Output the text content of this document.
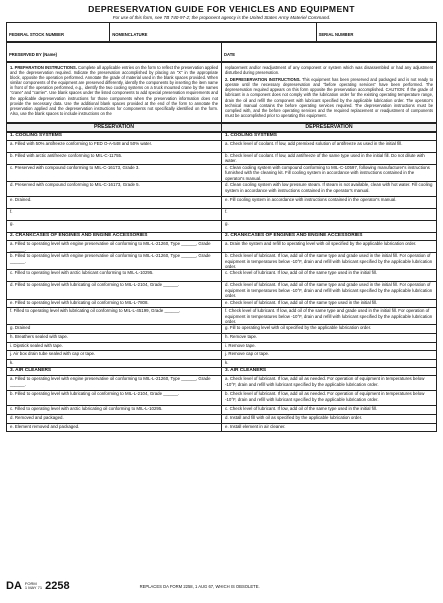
DEPRESERVATION GUIDE FOR VEHICLES AND EQUIPMENT
For use of this form, see TB 740-97-2; the proponent agency is the United States Army Materiel Command.
FEDERAL STOCK NUMBER	NOMENCLATURE	SERIAL NUMBER
PRESERVED BY (Name)	DATE

1. PREPARATION INSTRUCTIONS. Complete all applicable entries on the form to reflect the preservation applied and the depreservation required. Indicate the preservation accomplished by placing an "X" in the appropriate block, opposite the operation performed. Annotate the grade of material used in the blank spaces provided. When similar components of the equipment are preserved differently, identify the components by inserting the item name in front of the operation performed, e.g., identify the two cooling systems on a truck mounted crane by the names "crane" and "carrier". Use blank spaces under the listed components to add special preservation requirements and the applicable depreservation instructions for those components when the preservation information does not provide the necessary data. Use the additional blank spaces provided at the end of the form to annotate the preservation applied and the depreservation instructions for components not specifically identified on the form. Also, use the blank spaces to include instructions on the

replacement and/or readjustment of any component or system which was disassembled or had any adjustment disturbed during preservation.

2. DEPRESERVATION INSTRUCTIONS. This equipment has been preserved and packaged and is not ready to operate until the necessary depreservation and "before operating services" have been performed. The depreservation required appears on this form opposite the preservation accomplished. CAUTION: If the grade of lubricant in a component does not comply with the lubrication order for the existing operating temperature range, drain the oil and refill the component with lubricant specified by the applicable lubrication order. The operator's technical manual contains the before operating services required. The depreservation instructions must be complied with, and the before operating services and the required replacement or readjustment of components must be accomplished prior to operating this equipment.

PRESERVATION	DEPRESERVATION
1. COOLING SYSTEMS	1. COOLING SYSTEMS
a. Filled with 50% antifreeze conforming to FED O-A-548 and 50% water.	a. Check level of coolant. If low, add premixed solution of antifreeze as used in the initial fill.
b. Filled with arctic antifreeze conforming to MIL-C-11755.	b. Check level of coolant. If low, add antifreeze of the same type used in the initial fill. Do not dilute with water.
c. Preserved with compound conforming to MIL-C-16173, Grade 3.	c. Clean cooling system with compound conforming to MIL-C-10597, following manufacturer's instructions furnished with the cleaning kit. Fill cooling system in accordance with instructions contained in the operator's manual.
d. Preserved with compound conforming to MIL-C-16173, Grade 5.	d. Clean cooling system with low pressure steam. If steam is not available, clean with hot water. Fill cooling system in accordance with instructions contained in the operator's manual.
e. Drained.	e. Fill cooling system in accordance with instructions contained in the operator's manual.
f.	f.
g.	g.
2. CRANKCASES OF ENGINES AND ENGINE ACCESSORIES	2. CRANKCASES OF ENGINES AND ENGINE ACCESSORIES
a. Filled to operating level with engine preservative oil conforming to MIL-L-21260, Type ______, Grade ______.	a. Drain the system and refill to operating level with oil specified by the applicable lubrication order.
b. Filled to operating level with engine preservative oil conforming to MIL-L-21260, Type ______, Grade ______.	b. Check level of lubricant. If low, add oil of the same type and grade used in the initial fill. For operation of equipment in temperatures below -10°F, drain and refill with lubricant specified by the applicable lubrication order.
c. Filled to operating level with arctic lubricant conforming to MIL-L-10295.	c. Check level of lubricant. If low, add oil of the same type used in the initial fill.
d. Filled to operating level with lubricating oil conforming to MIL-L-2104, Grade ______.	d. Check level of lubricant. If low, add oil of the same type and grade used in the initial fill. For operation of equipment in temperatures below -10°F, drain and refill with lubricant specified by the applicable lubrication order.
e. Filled to operating level with lubricating oil conforming to MIL-L-7808.	e. Check level of lubricant. If low, add oil of the same type used in the initial fill.
f. Filled to operating level with lubricating oil conforming to MIL-L-45199, Grade ______.	f. Check level of lubricant. If low, add oil of the same type and grade used in the initial fill. For operation of equipment in temperatures below -10°F, drain and refill with lubricant specified by the applicable lubrication order.
g. Drained	g. Fill to operating level with oil specified by the applicable lubrication order.
h. Breathers sealed with tape.	h. Remove tape.
i. Dipstick sealed with tape.	i. Remove tape.
j. Air box drain tube sealed with cap or tape.	j. Remove cap or tape.
k.	k.
3. AIR CLEANERS	3. AIR CLEANERS
a. Filled to operating level with engine preservative oil conforming to MIL-L-21260, Type ______, Grade ______.	a. Check level of lubricant. If low, add oil as needed. For operation of equipment in temperatures below -10°F, drain and refill with lubricant specified by the applicable lubrication order.
b. Filled to operating level with lubricating oil conforming to MIL-L-2104, Grade ______.	b. Check level of lubricant. If low, add oil as needed. For operation of equipment in temperatures below -10°F, drain and refill with lubricant specified by the applicable lubrication order.
c. Filled to operating level with arctic lubricating oil conforming to MIL-L-10295.	c. Check level of lubricant. If low, add oil of the same type used in the initial fill.
d. Removed and packaged.	d. Install and fill with oil as specified by the applicable lubrication order.
e. Element removed and packaged.	e. Install element in air cleaner.
DA FORM
1 MAY 71 2258	REPLACES DA FORM 2258, 1 AUG 67, WHICH IS OBSOLETE.
